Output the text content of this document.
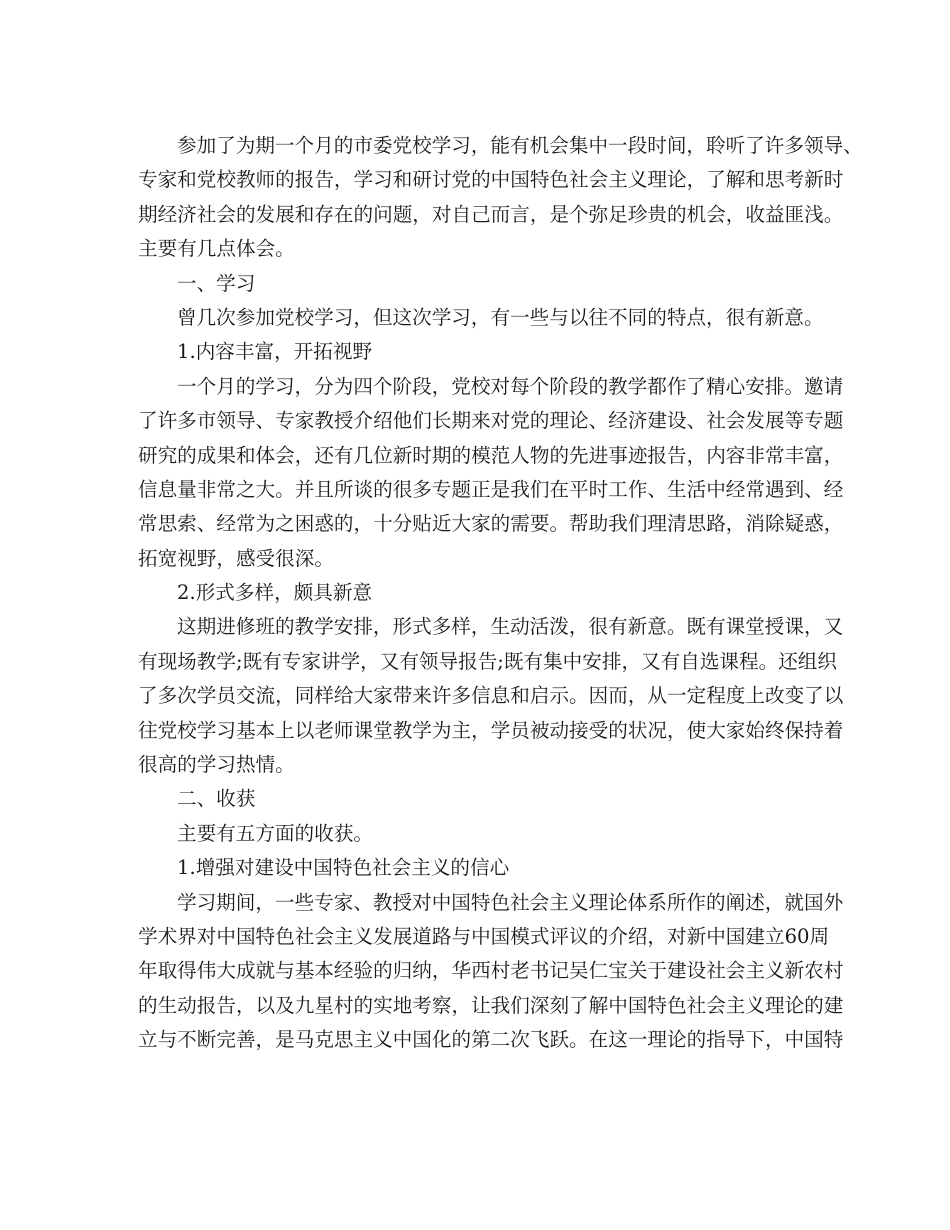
参加了为期一个月的市委党校学习，能有机会集中一段时间，聆听了许多领导、
专家和党校教师的报告，学习和研讨党的中国特色社会主义理论，了解和思考新时
期经济社会的发展和存在的问题，对自己而言，是个弥足珍贵的机会，收益匪浅。
主要有几点体会。
一、学习
曾几次参加党校学习，但这次学习，有一些与以往不同的特点，很有新意。
1.内容丰富，开拓视野
一个月的学习，分为四个阶段，党校对每个阶段的教学都作了精心安排。邀请
了许多市领导、专家教授介绍他们长期来对党的理论、经济建设、社会发展等专题
研究的成果和体会，还有几位新时期的模范人物的先进事迹报告，内容非常丰富，
信息量非常之大。并且所谈的很多专题正是我们在平时工作、生活中经常遇到、经
常思索、经常为之困惑的，十分贴近大家的需要。帮助我们理清思路，消除疑惑，
拓宽视野，感受很深。
2.形式多样，颇具新意
这期进修班的教学安排，形式多样，生动活泼，很有新意。既有课堂授课，又
有现场教学;既有专家讲学，又有领导报告;既有集中安排，又有自选课程。还组织
了多次学员交流，同样给大家带来许多信息和启示。因而，从一定程度上改变了以
往党校学习基本上以老师课堂教学为主，学员被动接受的状况，使大家始终保持着
很高的学习热情。
二、收获
主要有五方面的收获。
1.增强对建设中国特色社会主义的信心
学习期间，一些专家、教授对中国特色社会主义理论体系所作的阐述，就国外
学术界对中国特色社会主义发展道路与中国模式评议的介绍，对新中国建立60周
年取得伟大成就与基本经验的归纳，华西村老书记吴仁宝关于建设社会主义新农村
的生动报告，以及九星村的实地考察，让我们深刻了解中国特色社会主义理论的建
立与不断完善，是马克思主义中国化的第二次飞跃。在这一理论的指导下，中国特
